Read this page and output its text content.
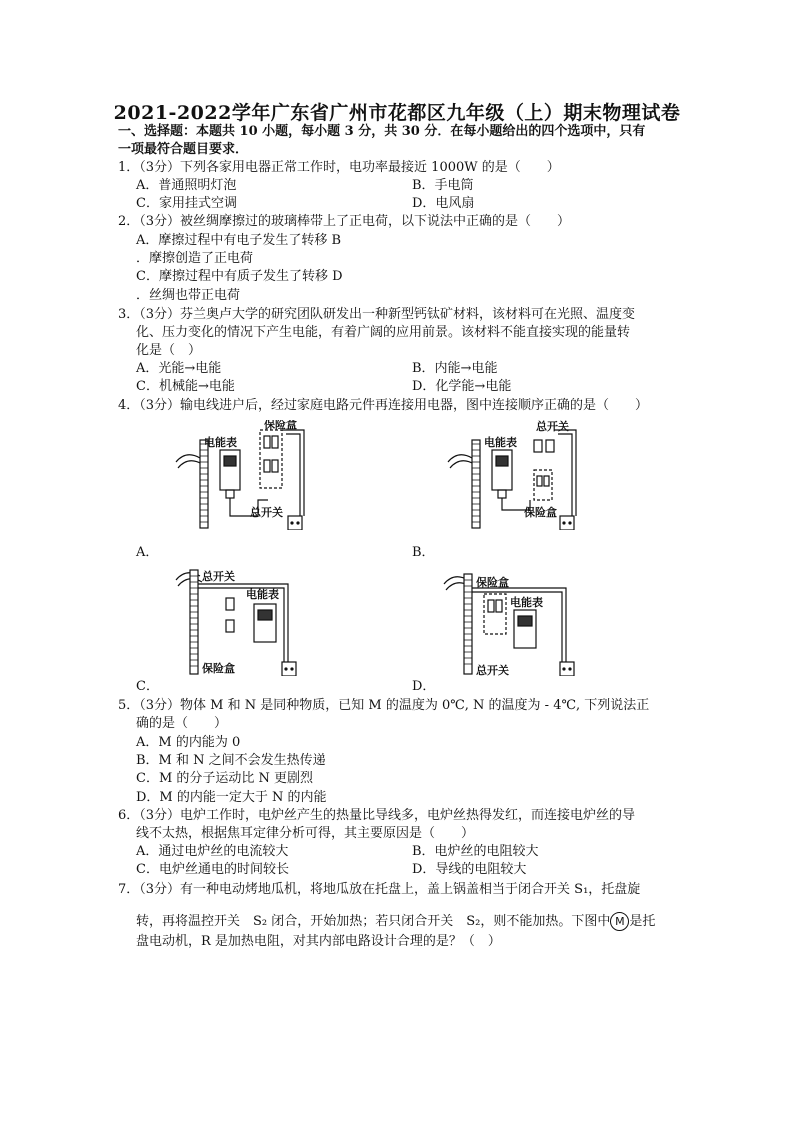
2021-2022学年广东省广州市花都区九年级（上）期末物理试卷
一、选择题：本题共 10 小题，每小题 3 分，共 30 分．在每小题给出的四个选项中，只有
一项最符合题目要求．
1．（3分）下列各家用电器正常工作时，电功率最接近 1000W 的是（　　）
A．普通照明灯泡	B．手电筒
C．家用挂式空调	D．电风扇
2．（3分）被丝绸摩擦过的玻璃棒带上了正电荷，以下说法中正确的是（　　）
A．摩擦过程中有电子发生了转移 B
．摩擦创造了正电荷
C．摩擦过程中有质子发生了转移 D
．丝绸也带正电荷
3．（3分）芬兰奥卢大学的研究团队研发出一种新型钙钛矿材料，该材料可在光照、温度变
化、压力变化的情况下产生电能，有着广阔的应用前景。该材料不能直接实现的能量转
化是（　）
A．光能→电能	B．内能→电能
C．机械能→电能	D．化学能→电能
4．（3分）输电线进户后，经过家庭电路元件再连接用电器，图中连接顺序正确的是（　　）
保险盒
电能表
总开关
A．
总开关
电能表
保险盒
B．
总开关
电能表
保险盒
C．
保险盒
电能表
总开关
D．
5．（3分）物体 M 和 N 是同种物质，已知 M 的温度为 0℃, N 的温度为 - 4℃, 下列说法正
确的是（　　）
A．M 的内能为 0
B．M 和 N 之间不会发生热传递
C．M 的分子运动比 N 更剧烈
D．M 的内能一定大于 N 的内能
6．（3分）电炉工作时，电炉丝产生的热量比导线多，电炉丝热得发红，而连接电炉丝的导
线不太热，根据焦耳定律分析可得，其主要原因是（　　）
A．通过电炉丝的电流较大	B．电炉丝的电阻较大
C．电炉丝通电的时间较长	D．导线的电阻较大
7．（3分）有一种电动烤地瓜机，将地瓜放在托盘上，盖上锅盖相当于闭合开关 S₁，托盘旋
转，再将温控开关　S₂ 闭合，开始加热；若只闭合开关　S₂，则不能加热。下图中 M 是托
盘电动机，R 是加热电阻，对其内部电路设计合理的是？（　）
